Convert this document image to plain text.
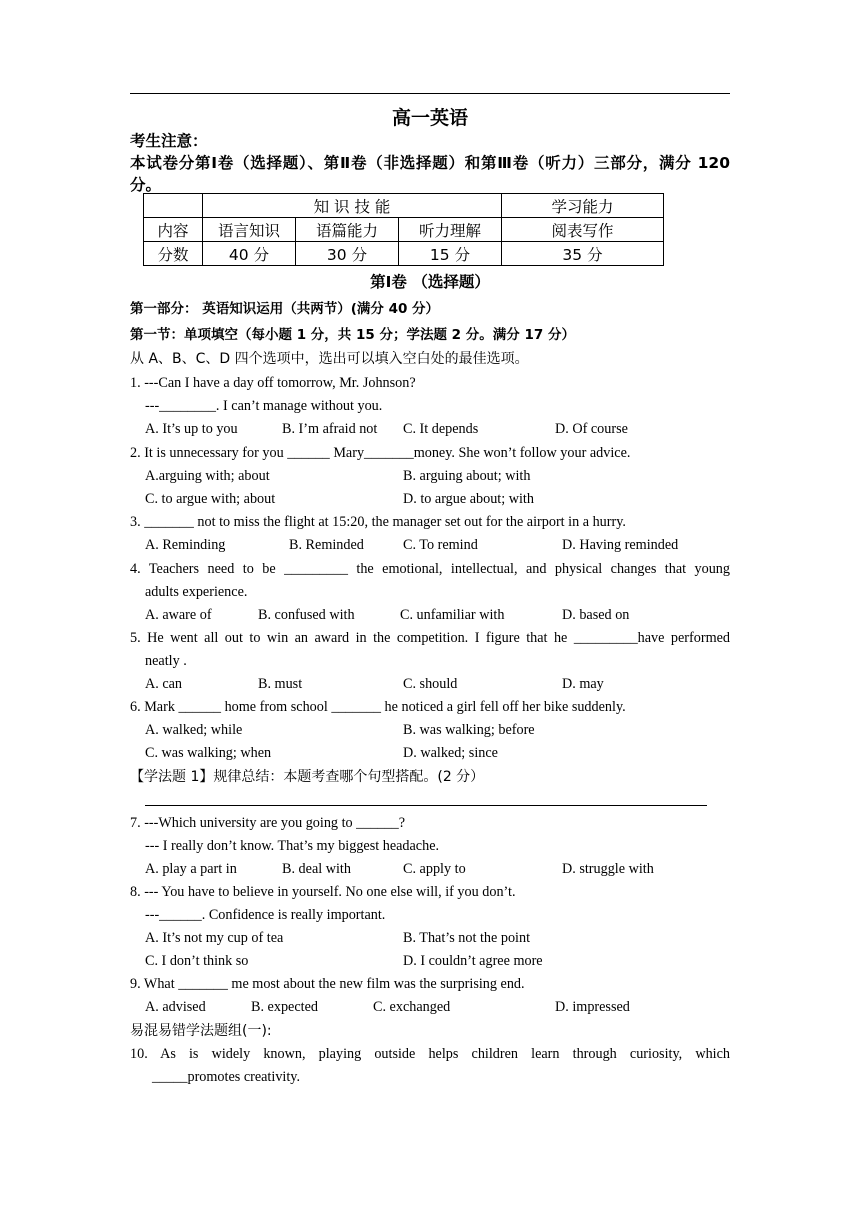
高一英语
考生注意：
本试卷分第Ⅰ卷（选择题）、第Ⅱ卷（非选择题）和第Ⅲ卷（听力）三部分，满分 120 分。
	知 识 技 能			学习能力
内容	语言知识	语篇能力	听力理解	阅表写作
分数	40 分	30 分	15 分	35 分
第Ⅰ卷 （选择题）
第一部分： 英语知识运用（共两节）(满分 40 分）
第一节：单项填空（每小题 1 分，共 15 分；学法题 2 分。满分 17 分）
从 A、B、C、D 四个选项中，选出可以填入空白处的最佳选项。
1. ---Can I have a day off tomorrow, Mr. Johnson?
---________. I can’t manage without you.
A. It’s up to you	B. I’m afraid not C. It depends	D. Of course
2. It is unnecessary for you ______ Mary_______money. She won’t follow your advice.
A.arguing with; about	B. arguing about; with
C. to argue with; about	D. to argue about; with
3. _______ not to miss the flight at 15:20, the manager set out for the airport in a hurry.
A. Reminding	B. Reminded	C. To remind	D. Having reminded
4. Teachers need to be _________ the emotional, intellectual, and physical changes that young
adults experience.
A. aware of	B. confused with	C. unfamiliar with	D. based on
5. He went all out to win an award in the competition. I figure that he _________have performed
neatly .
A. can	B. must	C. should	D. may
6. Mark ______ home from school _______ he noticed a girl fell off her bike suddenly.
A. walked; while	B. was walking; before
C. was walking; when	D. walked; since
【学法题 1】规律总结：本题考查哪个句型搭配。(2 分）
7. ---Which university are you going to ______?
--- I really don’t know. That’s my biggest headache.
A. play a part in	B. deal with	C. apply to	D. struggle with
8. --- You have to believe in yourself. No one else will, if you don’t.
---______. Confidence is really important.
A. It’s not my cup of tea	B. That’s not the point
C. I don’t think so	D. I couldn’t agree more
9. What _______ me most about the new film was the surprising end.
A. advised	B. expected	C. exchanged	D. impressed
易混易错学法题组(一):
10. As is widely known, playing outside helps children learn through curiosity, which
_____promotes creativity.
